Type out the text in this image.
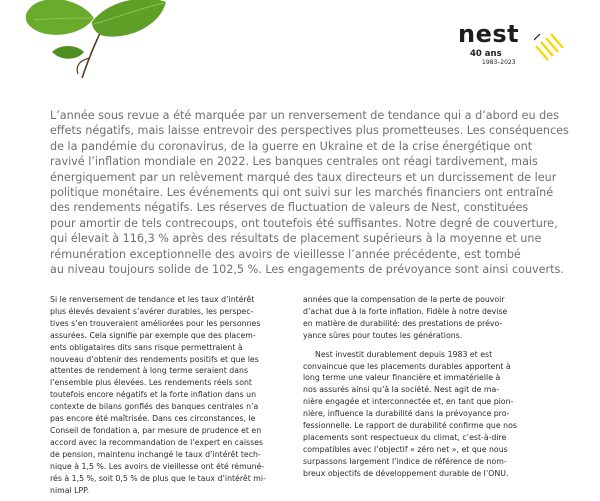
nest
40 ans
1983–2023

L’année sous revue a été marquée par un renversement de tendance qui a d’abord eu des
effets négatifs, mais laisse entrevoir des perspectives plus prometteuses. Les conséquences
de la pandémie du coronavirus, de la guerre en Ukraine et de la crise énergétique ont
ravivé l’inflation mondiale en 2022. Les banques centrales ont réagi tardivement, mais
énergiquement par un relèvement marqué des taux directeurs et un durcissement de leur
politique monétaire. Les événements qui ont suivi sur les marchés financiers ont entraîné
des rendements négatifs. Les réserves de fluctuation de valeurs de Nest, constituées
pour amortir de tels contrecoups, ont toutefois été suffisantes. Notre degré de couverture,
qui élevait à 116,3 % après des résultats de placement supérieurs à la moyenne et une
rémunération exceptionnelle des avoirs de vieillesse l’année précédente, est tombé
au niveau toujours solide de 102,5 %. Les engagements de prévoyance sont ainsi couverts.

Si le renversement de tendance et les taux d’intérêt
plus élevés devaient s’avérer durables, les perspec-
tives s’en trouveraient améliorées pour les personnes
assurées. Cela signifie par exemple que des placem-
ents obligataires dits sans risque permettraient à
nouveau d’obtenir des rendements positifs et que les
attentes de rendement à long terme seraient dans
l’ensemble plus élevées. Les rendements réels sont
toutefois encore négatifs et la forte inflation dans un
contexte de bilans gonflés des banques centrales n’a
pas encore été maîtrisée. Dans ces circonstances, le
Conseil de fondation a, par mesure de prudence et en
accord avec la recommandation de l’expert en caisses
de pension, maintenu inchangé le taux d’intérêt tech-
nique à 1,5 %. Les avoirs de vieillesse ont été rémuné-
rés à 1,5 %, soit 0,5 % de plus que le taux d’intérêt mi-
nimal LPP.
années que la compensation de la perte de pouvoir
d’achat due à la forte inflation. Fidèle à notre devise
en matière de durabilité: des prestations de prévo-
yance sûres pour toutes les générations.
Nest investit durablement depuis 1983 et est
convaincue que les placements durables apportent à
long terme une valeur financière et immatérielle à
nos assurés ainsi qu’à la société. Nest agit de ma-
nière engagée et interconnectée et, en tant que pion-
nière, influence la durabilité dans la prévoyance pro-
fessionnelle. Le rapport de durabilité confirme que nos
placements sont respectueux du climat, c’est-à-dire
compatibles avec l’objectif « zéro net », et que nous
surpassons largement l’indice de référence de nom-
breux objectifs de développement durable de l’ONU.
